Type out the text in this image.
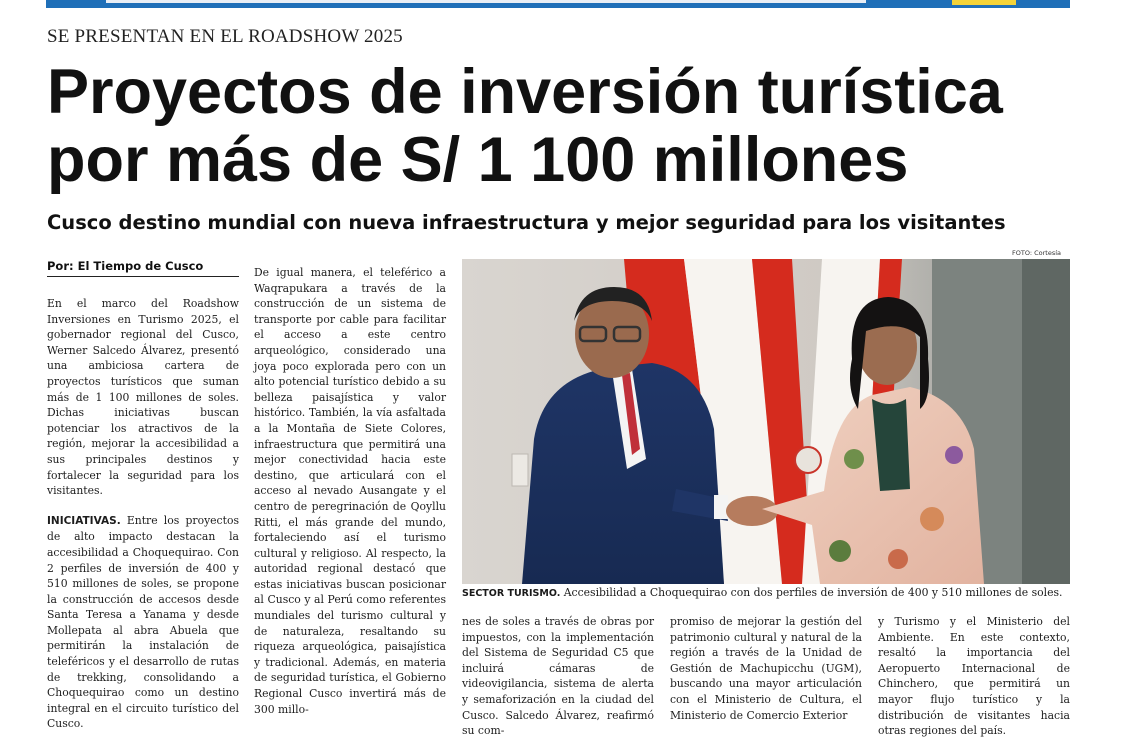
SE PRESENTAN EN EL ROADSHOW 2025
Proyectos de inversión turística
por más de S/ 1 100 millones
Cusco destino mundial con nueva infraestructura y mejor seguridad para los visitantes
Por: El Tiempo de Cusco
FOTO: Cortesía

En el marco del Roadshow Inversiones en Turismo 2025, el gobernador regional del Cusco, Werner Salcedo Álvarez, presentó una ambiciosa cartera de proyectos turísticos que suman más de 1 100 millones de soles. Dichas iniciativas buscan potenciar los atractivos de la región, mejorar la accesibilidad a sus principales destinos y fortalecer la seguridad para los visitantes.

INICIATIVAS. Entre los proyectos de alto impacto destacan la accesibilidad a Choquequirao. Con 2 perfiles de inversión de 400 y 510 millones de soles, se propone la construcción de accesos desde Santa Teresa a Yanama y desde Mollepata al abra Abuela que permitirán la instalación de teleféricos y el desarrollo de rutas de trekking, consolidando a Choquequirao como un destino integral en el circuito turístico del Cusco.

De igual manera, el teleférico a Waqrapukara a través de la construcción de un sistema de transporte por cable para facilitar el acceso a este centro arqueológico, considerado una joya poco explorada pero con un alto potencial turístico debido a su belleza paisajística y valor histórico. También, la vía asfaltada a la Montaña de Siete Colores, infraestructura que permitirá una mejor conectividad hacia este destino, que articulará con el acceso al nevado Ausangate y el centro de peregrinación de Qoyllu Ritti, el más grande del mundo, fortaleciendo así el turismo cultural y religioso. Al respecto, la autoridad regional destacó que estas iniciativas buscan posicionar al Cusco y al Perú como referentes mundiales del turismo cultural y de naturaleza, resaltando su riqueza arqueológica, paisajística y tradicional. Además, en materia de seguridad turística, el Gobierno Regional Cusco invertirá más de 300 millo-

SECTOR TURISMO. Accesibilidad a Choquequirao con dos perfiles de inversión de 400 y 510 millones de soles.

nes de soles a través de obras por impuestos, con la implementación del Sistema de Seguridad C5 que incluirá cámaras de videovigilancia, sistema de alerta y semaforización en la ciudad del Cusco. Salcedo Álvarez, reafirmó su com-

promiso de mejorar la gestión del patrimonio cultural y natural de la región a través de la Unidad de Gestión de Machupicchu (UGM), buscando una mayor articulación con el Ministerio de Cultura, el Ministerio de Comercio Exterior

y Turismo y el Ministerio del Ambiente. En este contexto, resaltó la importancia del Aeropuerto Internacional de Chinchero, que permitirá un mayor flujo turístico y la distribución de visitantes hacia otras regiones del país.
